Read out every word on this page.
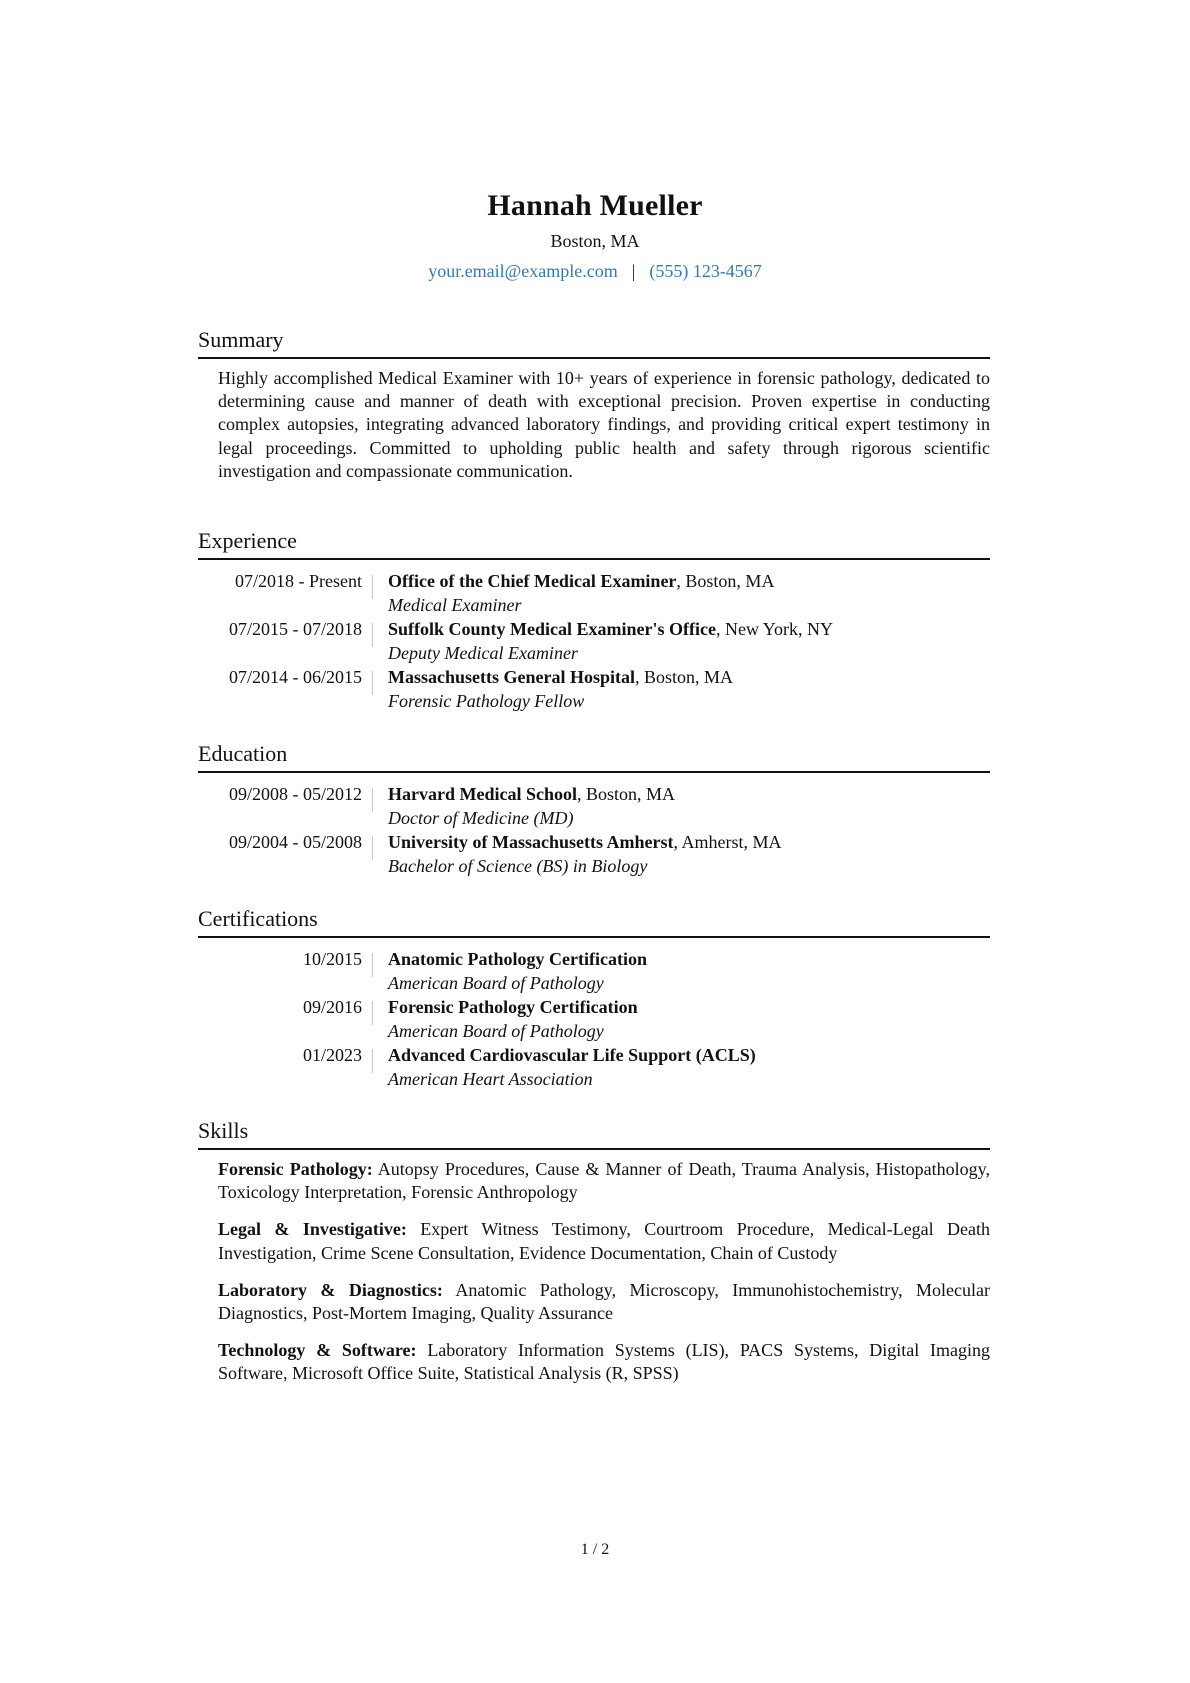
Hannah Mueller
Boston, MA
your.email@example.com | (555) 123-4567
Summary

Highly accomplished Medical Examiner with 10+ years of experience in forensic pathology, dedicated to determining cause and manner of death with exceptional precision. Proven expertise in conducting complex autopsies, integrating advanced laboratory findings, and providing critical expert testimony in legal proceedings. Committed to upholding public health and safety through rigorous scientific investigation and compassionate communication.

Experience
07/2018 - Present	Office of the Chief Medical Examiner, Boston, MA
Medical Examiner
07/2015 - 07/2018	Suffolk County Medical Examiner's Office, New York, NY
Deputy Medical Examiner
07/2014 - 06/2015	Massachusetts General Hospital, Boston, MA
Forensic Pathology Fellow
Education
09/2008 - 05/2012	Harvard Medical School, Boston, MA
Doctor of Medicine (MD)
09/2004 - 05/2008	University of Massachusetts Amherst, Amherst, MA
Bachelor of Science (BS) in Biology
Certifications
10/2015	Anatomic Pathology Certification
American Board of Pathology
09/2016	Forensic Pathology Certification
American Board of Pathology
01/2023	Advanced Cardiovascular Life Support (ACLS)
American Heart Association
Skills

Forensic Pathology: Autopsy Procedures, Cause & Manner of Death, Trauma Analysis, Histopathology, Toxicology Interpretation, Forensic Anthropology

Legal & Investigative: Expert Witness Testimony, Courtroom Procedure, Medical-Legal Death Investigation, Crime Scene Consultation, Evidence Documentation, Chain of Custody

Laboratory & Diagnostics: Anatomic Pathology, Microscopy, Immunohistochemistry, Molecular Diagnostics, Post-Mortem Imaging, Quality Assurance

Technology & Software: Laboratory Information Systems (LIS), PACS Systems, Digital Imaging Software, Microsoft Office Suite, Statistical Analysis (R, SPSS)

1 / 2
